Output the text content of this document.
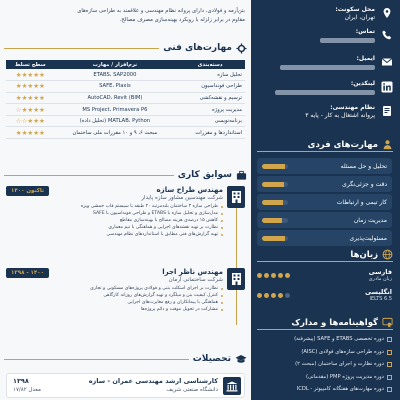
محل سکونت:
تهران، ایران
تماس:
ایمیل:
لینکدین:
نظام مهندسی:
پروانه اشتغال به کار - پایه ۳
مهارت‌های فردی
تحلیل و حل مسئله
دقت و جزئی‌نگری
کار تیمی و ارتباطات
مدیریت زمان
مسئولیت‌پذیری
زبان‌ها
فارسی
زبان مادری
انگلیسی
IELTS 6.5
گواهینامه‌ها و مدارک
دوره تخصصی ETABS و SAFE (پیشرفته)
دوره طراحی سازه‌های فولادی (AISC)
دوره نظارت و اجرای ساختمان (مبحث ۲)
دوره مدیریت پروژه PMP (مقدماتی)
دوره مهارت‌های هفتگانه کامپیوتر - ICDL
بتن‌آرمه و فولادی، دارای پروانه نظام مهندسی و علاقمند به طراحی سازه‌های
مقاوم در برابر زلزله با رویکرد بهینه‌سازی مصرف مصالح.
مهارت‌های فنی
دسته‌بندی	نرم‌افزار / مهارت	سطح تسلط
تحلیل سازه	ETABS، SAP2000	★★★★★
طراحی فونداسیون	SAFE، Plaxis	★★★★★
ترسیم و نقشه‌کشی	AutoCAD، Revit (BIM)	★★★★★
مدیریت پروژه	MS Project، Primavera P6	★★★★☆
برنامه‌نویسی	MATLAB، Python (تحلیل داده)	★★★☆☆
استانداردها و مقررات	مبحث ۶، ۹ و ۱۰ مقررات ملی ساختمان	★★★★★
سوابق کاری
۱۴۰۰ تاکنون	مهندس طراح سازه
شرکت مهندسین مشاور سازه پایدار
طراحی سازه ۳ ساختمان بلندمرتبه ۲۰ طبقه با سیستم قاب خمشی ویژه
مدل‌سازی و تحلیل سازه با ETABS و طراحی فونداسیون با SAFE
کاهش ۱۵ درصدی هزینه مصالح با بهینه‌سازی مقاطع
نظارت بر تهیه نقشه‌های اجرایی و هماهنگی با تیم معماری
تهیه گزارش‌های فنی مطابق با استانداردهای نظام مهندسی
۱۳۹۸ - ۱۴۰۰	مهندس ناظر اجرا
شرکت ساختمانی آرمان
نظارت بر اجرای اسکلت بتنی و فولادی پروژه‌های مسکونی و تجاری
کنترل کیفیت بتن و میلگرد و تهیه گزارش‌های روزانه کارگاهی
هماهنگی با پیمانکاران و رفع مغایرت‌های اجرایی
مشارکت در تحویل موقت و دائم پروژه‌ها
تحصیلات
کارشناسی ارشد مهندسی عمران - سازه
دانشگاه صنعتی شریف
۱۳۹۸
معدل ۱۷/۸۲
